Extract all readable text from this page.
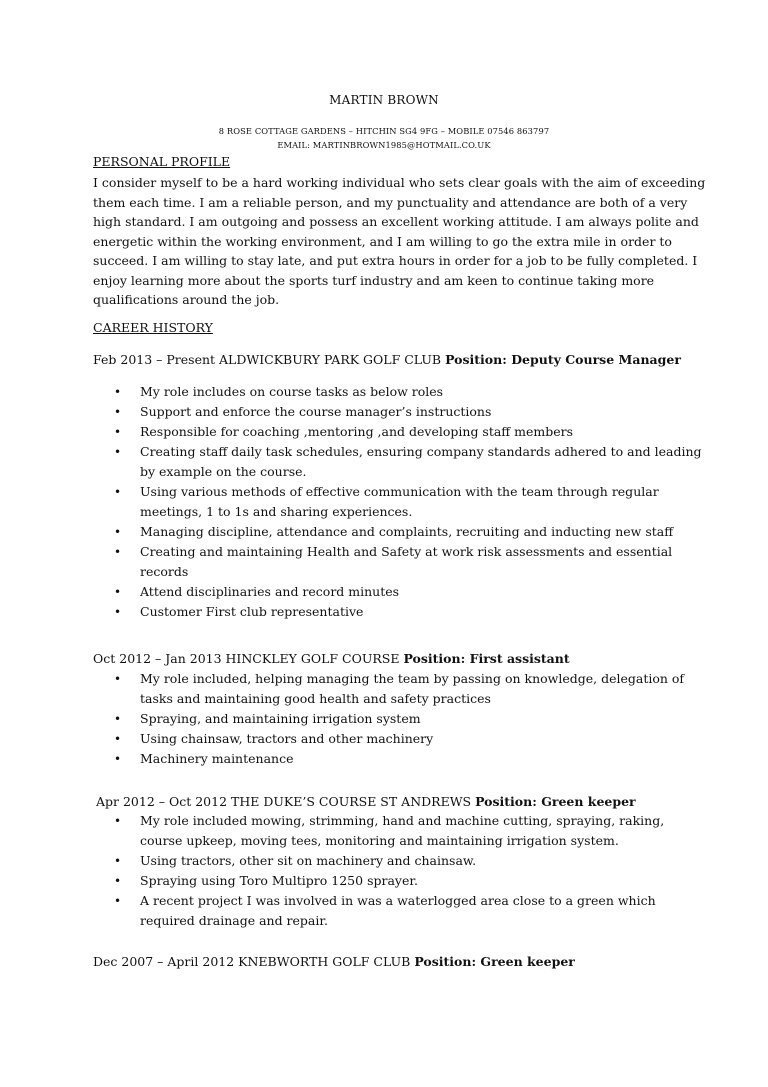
MARTIN BROWN
8 ROSE COTTAGE GARDENS – HITCHIN SG4 9FG – MOBILE 07546 863797
EMAIL: MARTINBROWN1985@HOTMAIL.CO.UK
PERSONAL PROFILE
I consider myself to be a hard working individual who sets clear goals with the aim of exceeding
them each time. I am a reliable person, and my punctuality and attendance are both of a very
high standard. I am outgoing and possess an excellent working attitude. I am always polite and
energetic within the working environment, and I am willing to go the extra mile in order to
succeed. I am willing to stay late, and put extra hours in order for a job to be fully completed. I
enjoy learning more about the sports turf industry and am keen to continue taking more
qualifications around the job.
CAREER HISTORY
Feb 2013 – Present ALDWICKBURY PARK GOLF CLUB Position: Deputy Course Manager
• My role includes on course tasks as below roles
• Support and enforce the course manager’s instructions
• Responsible for coaching ,mentoring ,and developing staff members
• Creating staff daily task schedules, ensuring company standards adhered to and leading
by example on the course.
• Using various methods of effective communication with the team through regular
meetings, 1 to 1s and sharing experiences.
• Managing discipline, attendance and complaints, recruiting and inducting new staff
• Creating and maintaining Health and Safety at work risk assessments and essential
records
• Attend disciplinaries and record minutes
• Customer First club representative
Oct 2012 – Jan 2013 HINCKLEY GOLF COURSE Position: First assistant
• My role included, helping managing the team by passing on knowledge, delegation of
tasks and maintaining good health and safety practices
• Spraying, and maintaining irrigation system
• Using chainsaw, tractors and other machinery
• Machinery maintenance
Apr 2012 – Oct 2012 THE DUKE’S COURSE ST ANDREWS Position: Green keeper
• My role included mowing, strimming, hand and machine cutting, spraying, raking,
course upkeep, moving tees, monitoring and maintaining irrigation system.
• Using tractors, other sit on machinery and chainsaw.
• Spraying using Toro Multipro 1250 sprayer.
• A recent project I was involved in was a waterlogged area close to a green which
required drainage and repair.
Dec 2007 – April 2012 KNEBWORTH GOLF CLUB Position: Green keeper
